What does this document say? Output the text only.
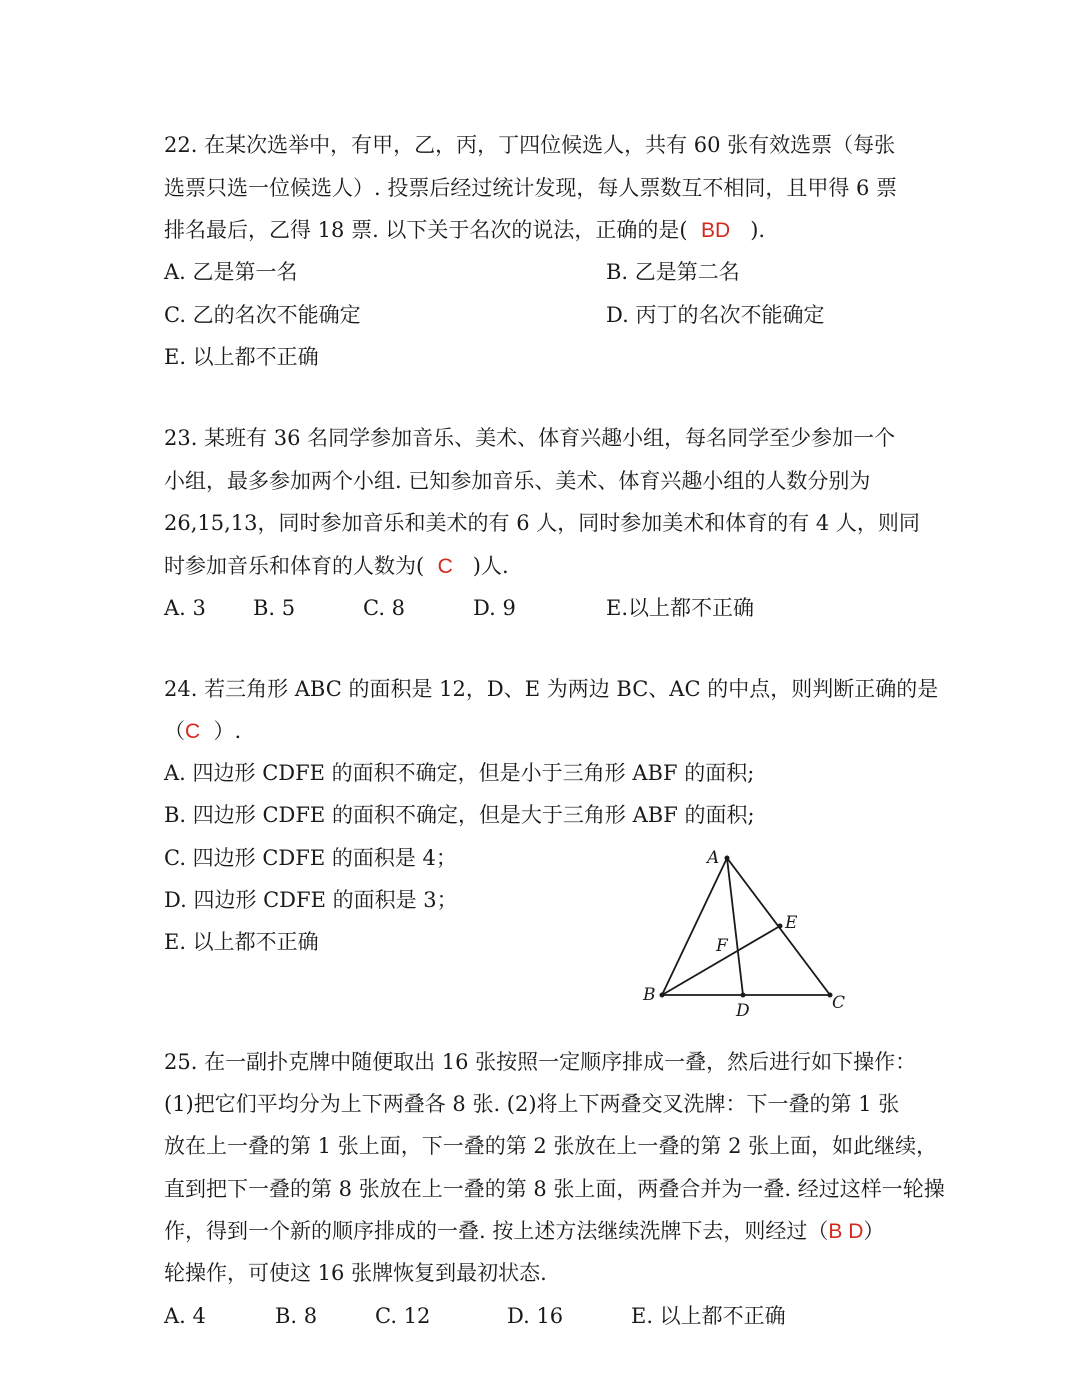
22. 在某次选举中，有甲，乙，丙，丁四位候选人，共有 60 张有效选票（每张
选票只选一位候选人）. 投票后经过统计发现，每人票数互不相同，且甲得 6 票
排名最后，乙得 18 票. 以下关于名次的说法，正确的是( BD ).
A. 乙是第一名	B. 乙是第二名
C. 乙的名次不能确定	D. 丙丁的名次不能确定
E. 以上都不正确
23. 某班有 36 名同学参加音乐、美术、体育兴趣小组，每名同学至少参加一个
小组，最多参加两个小组. 已知参加音乐、美术、体育兴趣小组的人数分别为
26,15,13，同时参加音乐和美术的有 6 人，同时参加美术和体育的有 4 人，则同
时参加音乐和体育的人数为( C )人.
A. 3 B. 5	C. 8	D. 9	E.以上都不正确
24. 若三角形 ABC 的面积是 12，D、E 为两边 BC、AC 的中点，则判断正确的是
（C ）.
A. 四边形 CDFE 的面积不确定，但是小于三角形 ABF 的面积;
B. 四边形 CDFE 的面积不确定，但是大于三角形 ABF 的面积;
C. 四边形 CDFE 的面积是 4；
D. 四边形 CDFE 的面积是 3；
E. 以上都不正确
A
B	C
D
E
F
25. 在一副扑克牌中随便取出 16 张按照一定顺序排成一叠，然后进行如下操作：
(1)把它们平均分为上下两叠各 8 张. (2)将上下两叠交叉洗牌：下一叠的第 1 张
放在上一叠的第 1 张上面，下一叠的第 2 张放在上一叠的第 2 张上面，如此继续，
直到把下一叠的第 8 张放在上一叠的第 8 张上面，两叠合并为一叠. 经过这样一轮操
作，得到一个新的顺序排成的一叠. 按上述方法继续洗牌下去，则经过（B D）
轮操作，可使这 16 张牌恢复到最初状态.
A. 4	B. 8	C. 12	D. 16	E. 以上都不正确
